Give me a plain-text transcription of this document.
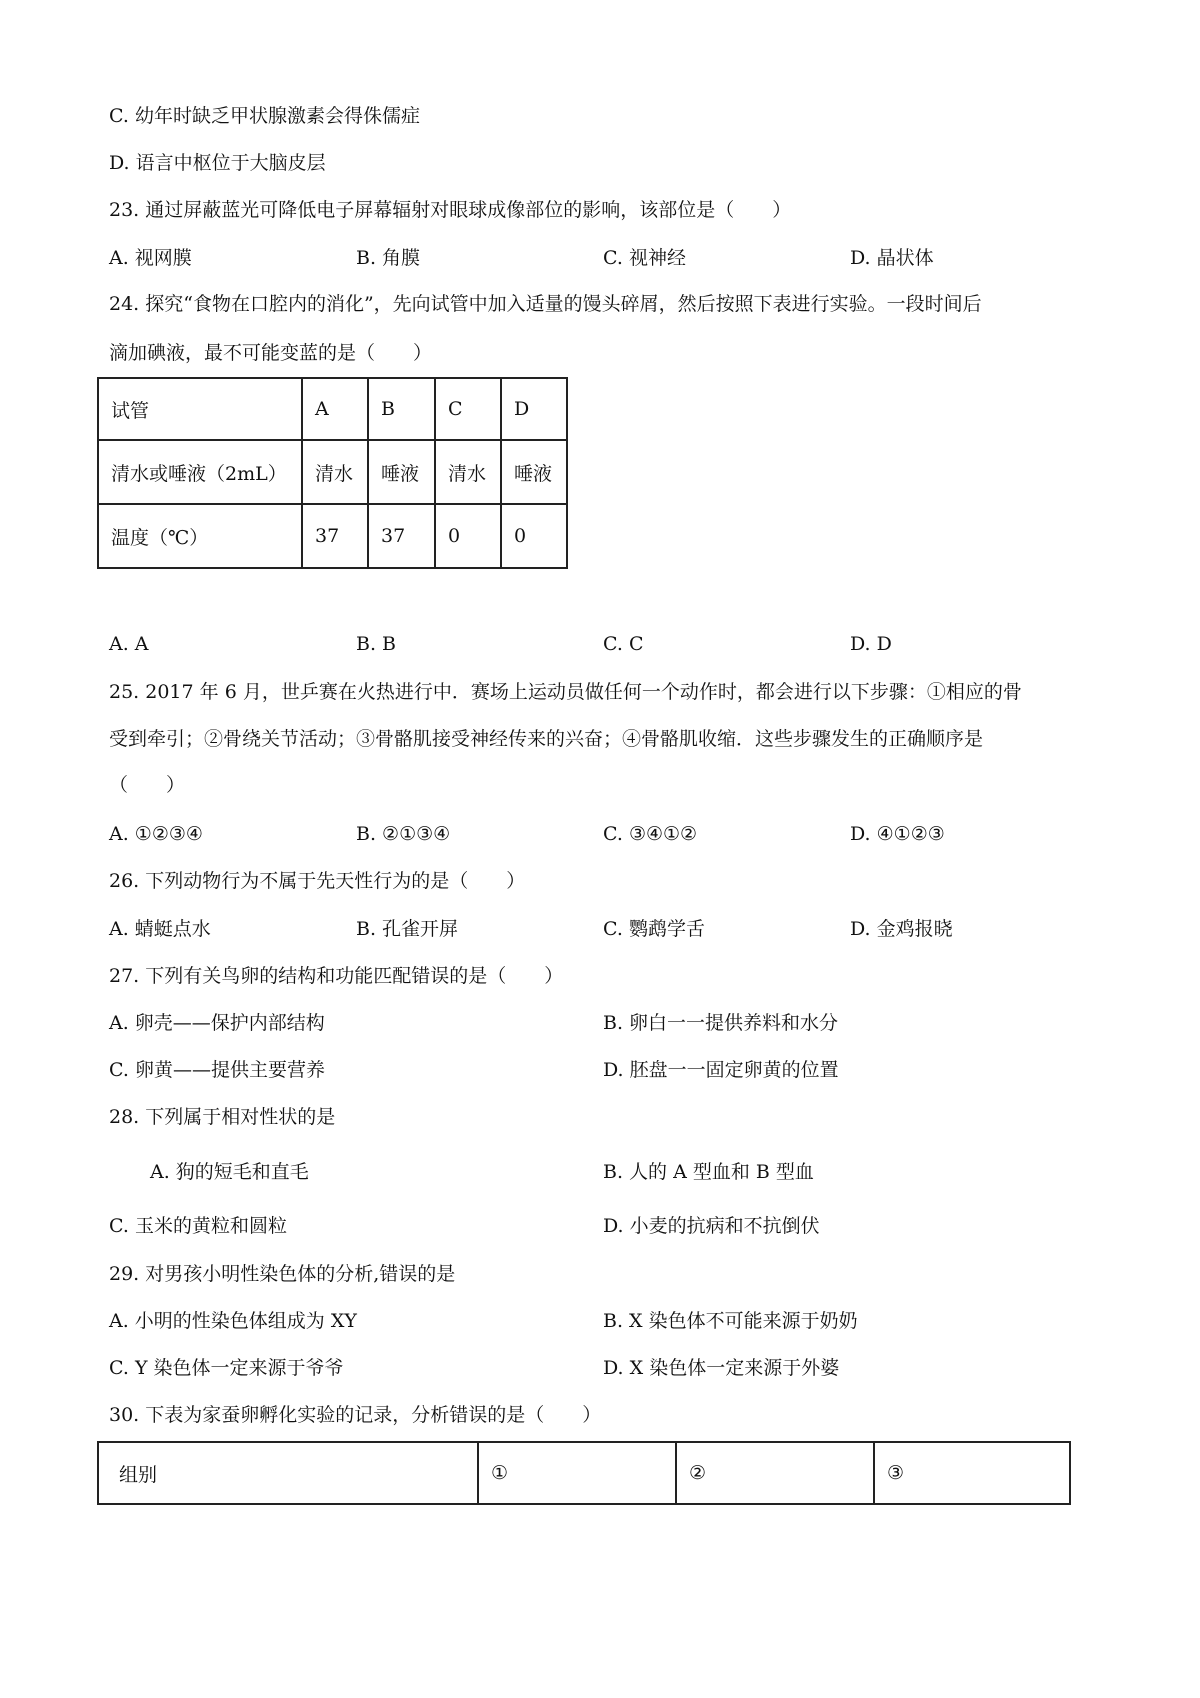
C. 幼年时缺乏甲状腺激素会得侏儒症
D. 语言中枢位于大脑皮层
23. 通过屏蔽蓝光可降低电子屏幕辐射对眼球成像部位的影响，该部位是（　　）
A. 视网膜	B. 角膜	C. 视神经	D. 晶状体
24. 探究“食物在口腔内的消化”，先向试管中加入适量的馒头碎屑，然后按照下表进行实验。一段时间后
滴加碘液，最不可能变蓝的是（　　）
试管	A	B	C	D
清水或唾液（2mL）	清水	唾液	清水	唾液
温度（℃）	37	37	0	0
A. A	B. B	C. C	D. D
25. 2017 年 6 月，世乒赛在火热进行中．赛场上运动员做任何一个动作时，都会进行以下步骤：①相应的骨
受到牵引；②骨绕关节活动；③骨骼肌接受神经传来的兴奋；④骨骼肌收缩．这些步骤发生的正确顺序是
（　　）
A. ①②③④	B. ②①③④	C. ③④①②	D. ④①②③
26. 下列动物行为不属于先天性行为的是（　　）
A. 蜻蜓点水	B. 孔雀开屏	C. 鹦鹉学舌	D. 金鸡报晓
27. 下列有关鸟卵的结构和功能匹配错误的是（　　）
A. 卵壳——保护内部结构	B. 卵白一一提供养料和水分
C. 卵黄——提供主要营养	D. 胚盘一一固定卵黄的位置
28. 下列属于相对性状的是
A. 狗的短毛和直毛	B. 人的 A 型血和 B 型血
C. 玉米的黄粒和圆粒	D. 小麦的抗病和不抗倒伏
29. 对男孩小明性染色体的分析,错误的是
A. 小明的性染色体组成为 XY	B. X 染色体不可能来源于奶奶
C. Y 染色体一定来源于爷爷	D. X 染色体一定来源于外婆
30. 下表为家蚕卵孵化实验的记录，分析错误的是（　　）
组别	①	②	③
